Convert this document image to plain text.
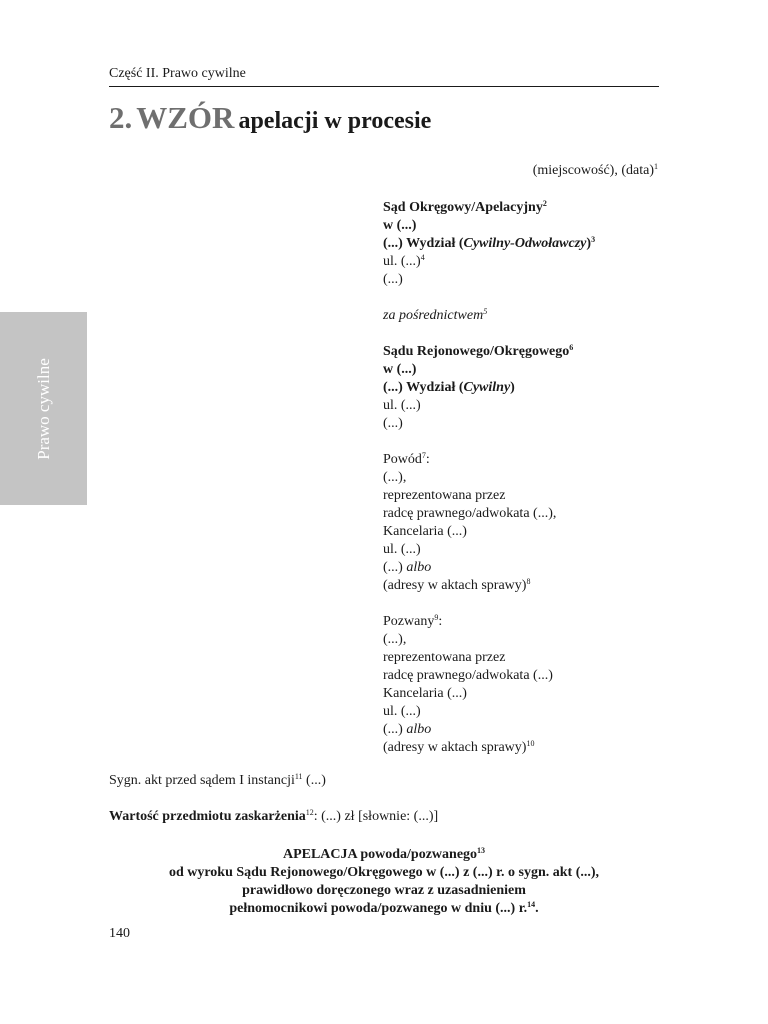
Część II. Prawo cywilne
2. WZÓR apelacji w procesie
Prawo cywilne
(miejscowość), (data)$^1$
Sąd Okręgowy/Apelacyjny$^2$
w (...)
(...) Wydział (Cywilny-Odwoławczy)$^3$
ul. (...)$^4$
(...)
za pośrednictwem$^5$
Sądu Rejonowego/Okręgowego$^6$
w (...)
(...) Wydział (Cywilny)
ul. (...)
(...)
Powód$^7$:
(...),
reprezentowana przez
radcę prawnego/adwokata (...),
Kancelaria (...)
ul. (...)
(...) albo
(adresy w aktach sprawy)$^8$
Pozwany$^9$:
(...),
reprezentowana przez
radcę prawnego/adwokata (...)
Kancelaria (...)
ul. (...)
(...) albo
(adresy w aktach sprawy)$^{10}$
Sygn. akt przed sądem I instancji$^{11}$ (...)
Wartość przedmiotu zaskarżenia$^{12}$: (...) zł [słownie: (...)]
APELACJA powoda/pozwanego$^{13}$
od wyroku Sądu Rejonowego/Okręgowego w (...) z (...) r. o sygn. akt (...),
prawidłowo doręczonego wraz z uzasadnieniem
pełnomocnikowi powoda/pozwanego w dniu (...) r.$^{14}$.
140
